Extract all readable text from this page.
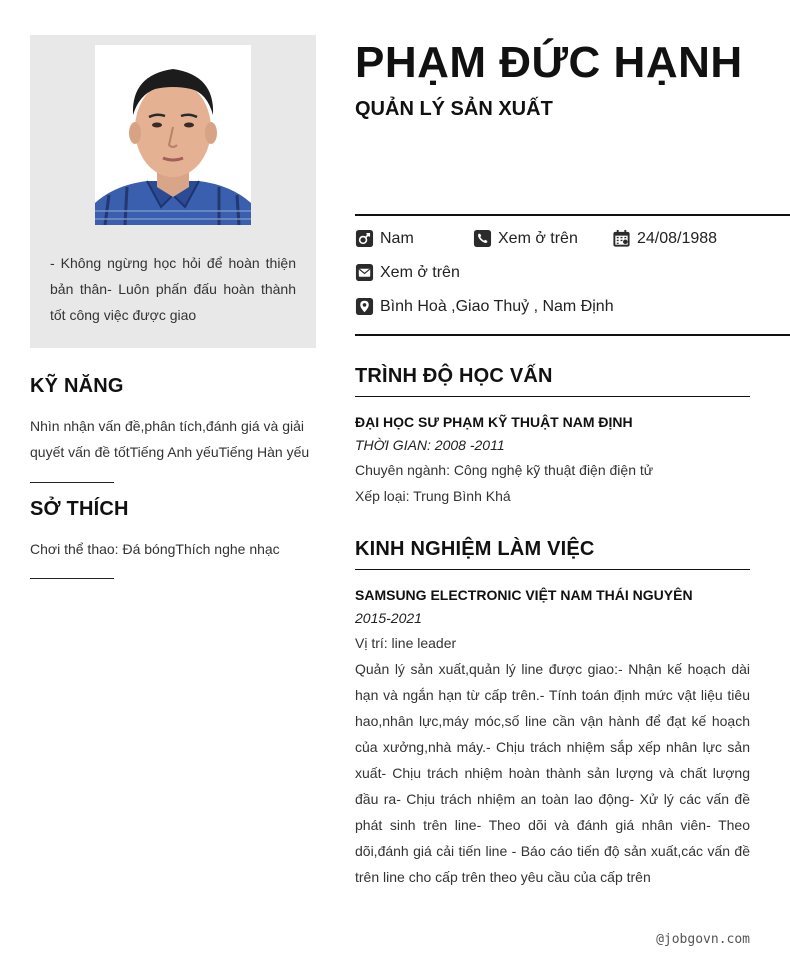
- Không ngừng học hỏi để hoàn thiện bản thân- Luôn phấn đấu hoàn thành tốt công việc được giao
KỸ NĂNG
Nhìn nhận vấn đề,phân tích,đánh giá và giải quyết vấn đề tốtTiếng Anh yếuTiếng Hàn yếu
SỞ THÍCH
Chơi thể thao: Đá bóngThích nghe nhạc
PHẠM ĐỨC HẠNH
QUẢN LÝ SẢN XUẤT
Nam	Xem ở trên	24/08/1988
Xem ở trên
Bình Hoà ,Giao Thuỷ , Nam Định
TRÌNH ĐỘ HỌC VẤN
ĐẠI HỌC SƯ PHẠM KỸ THUẬT NAM ĐỊNH
THỜI GIAN: 2008 -2011
Chuyên ngành: Công nghệ kỹ thuật điện điện tử
Xếp loại: Trung Bình Khá
KINH NGHIỆM LÀM VIỆC
SAMSUNG ELECTRONIC VIỆT NAM THÁI NGUYÊN
2015-2021
Vị trí: line leader
Quản lý sản xuất,quản lý line được giao:- Nhận kế hoạch dài hạn và ngắn hạn từ cấp trên.- Tính toán định mức vật liệu tiêu hao,nhân lực,máy móc,số line cần vận hành để đạt kế hoạch của xưởng,nhà máy.- Chịu trách nhiệm sắp xếp nhân lực sản xuất- Chịu trách nhiệm hoàn thành sản lượng và chất lượng đầu ra- Chịu trách nhiệm an toàn lao động- Xử lý các vấn đề phát sinh trên line- Theo dõi và đánh giá nhân viên- Theo dõi,đánh giá cải tiến line - Báo cáo tiến độ sản xuất,các vấn đề trên line cho cấp trên theo yêu cầu của cấp trên
@jobgovn.com
